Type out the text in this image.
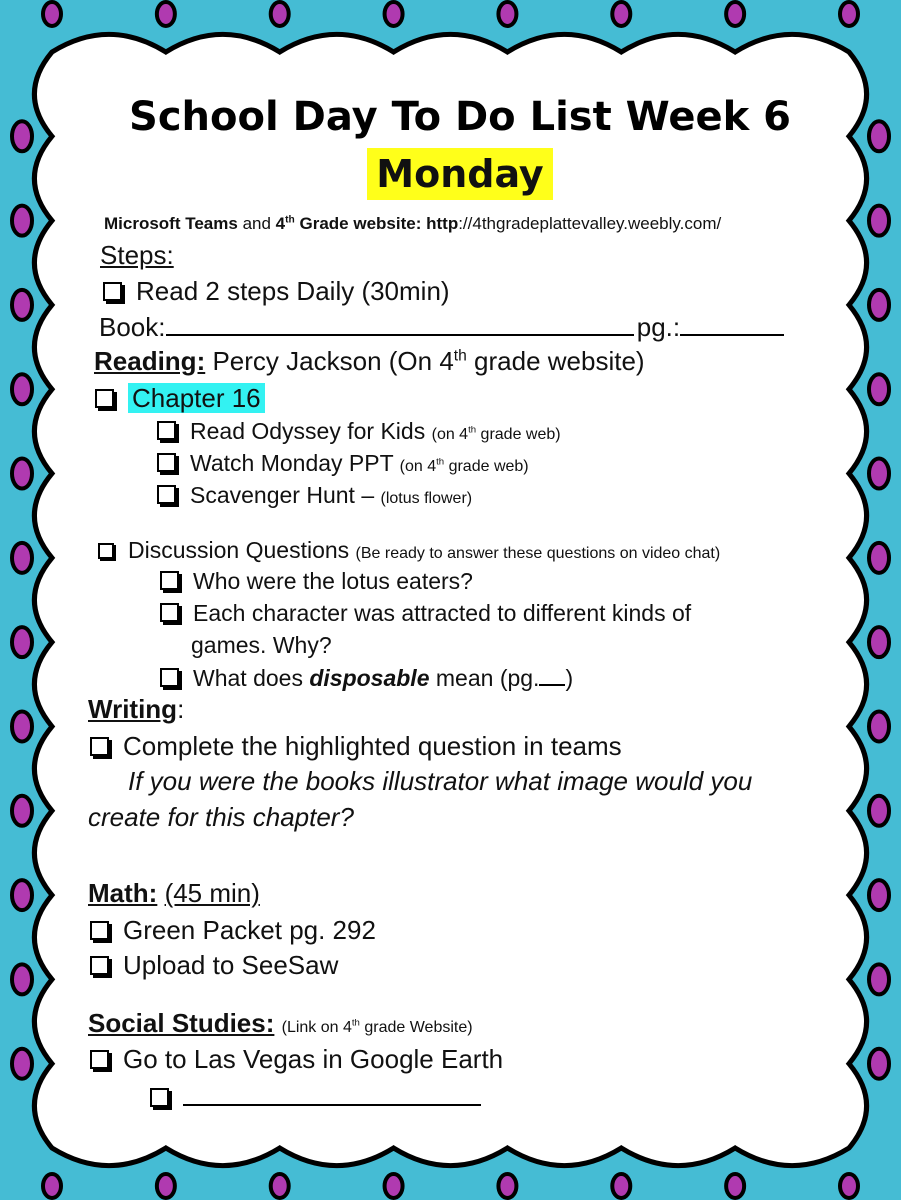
School Day To Do List Week 6
Monday
Microsoft Teams and 4th Grade website: http://4thgradeplattevalley.weebly.com/
Steps:
Read 2 steps Daily (30min)
Book:	pg.:
Reading: Percy Jackson (On 4th grade website)
Chapter 16
Read Odyssey for Kids (on 4th grade web)
Watch Monday PPT (on 4th grade web)
Scavenger Hunt – (lotus flower)
Discussion Questions (Be ready to answer these questions on video chat)
Who were the lotus eaters?
Each character was attracted to different kinds of
games. Why?
What does disposable mean (pg. )
Writing:
Complete the highlighted question in teams
If you were the books illustrator what image would you
create for this chapter?
Math: (45 min)
Green Packet pg. 292
Upload to SeeSaw
Social Studies: (Link on 4th grade Website)
Go to Las Vegas in Google Earth
